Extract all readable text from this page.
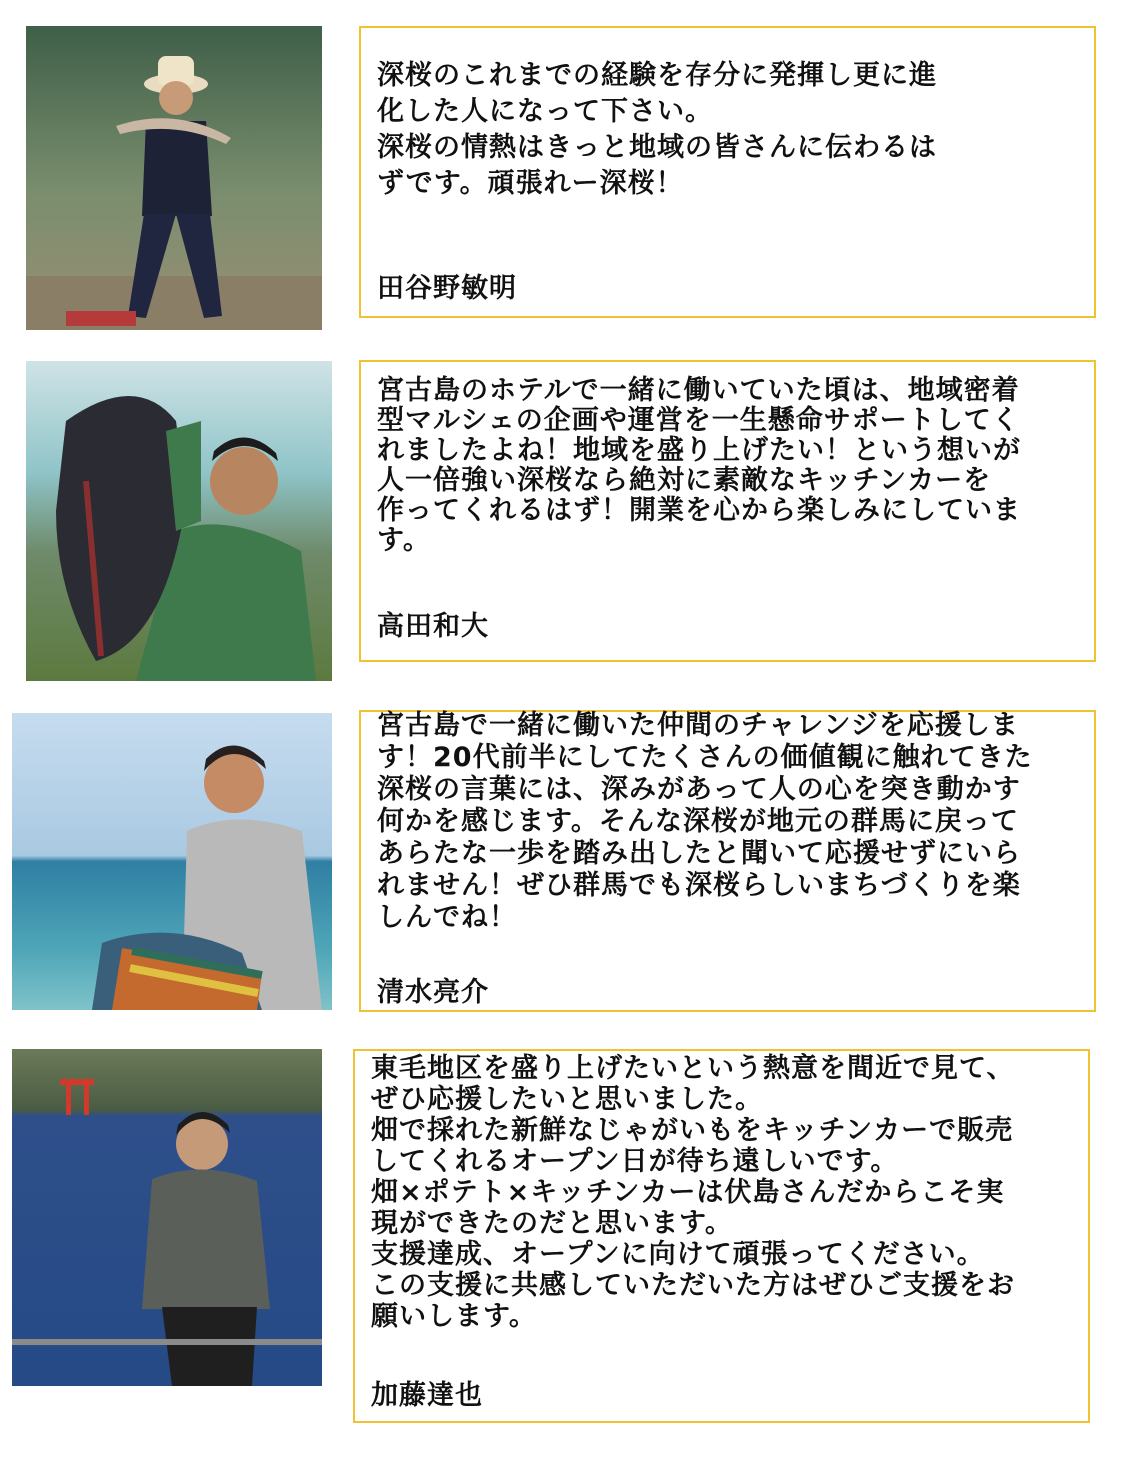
深桜のこれまでの経験を存分に発揮し更に進
化した人になって下さい。
深桜の情熱はきっと地域の皆さんに伝わるは
ずです。頑張れー深桜！

田谷野敏明

宮古島のホテルで一緒に働いていた頃は、地域密着
型マルシェの企画や運営を一生懸命サポートしてく
れましたよね！地域を盛り上げたい！という想いが
人一倍強い深桜なら絶対に素敵なキッチンカーを
作ってくれるはず！開業を心から楽しみにしていま
す。

高田和大

宮古島で一緒に働いた仲間のチャレンジを応援しま
す！20代前半にしてたくさんの価値観に触れてきた
深桜の言葉には、深みがあって人の心を突き動かす
何かを感じます。そんな深桜が地元の群馬に戻って
あらたな一歩を踏み出したと聞いて応援せずにいら
れません！ぜひ群馬でも深桜らしいまちづくりを楽
しんでね！

清水亮介

東毛地区を盛り上げたいという熱意を間近で見て、
ぜひ応援したいと思いました。
畑で採れた新鮮なじゃがいもをキッチンカーで販売
してくれるオープン日が待ち遠しいです。
畑×ポテト×キッチンカーは伏島さんだからこそ実
現ができたのだと思います。
支援達成、オープンに向けて頑張ってください。
この支援に共感していただいた方はぜひご支援をお
願いします。

加藤達也
